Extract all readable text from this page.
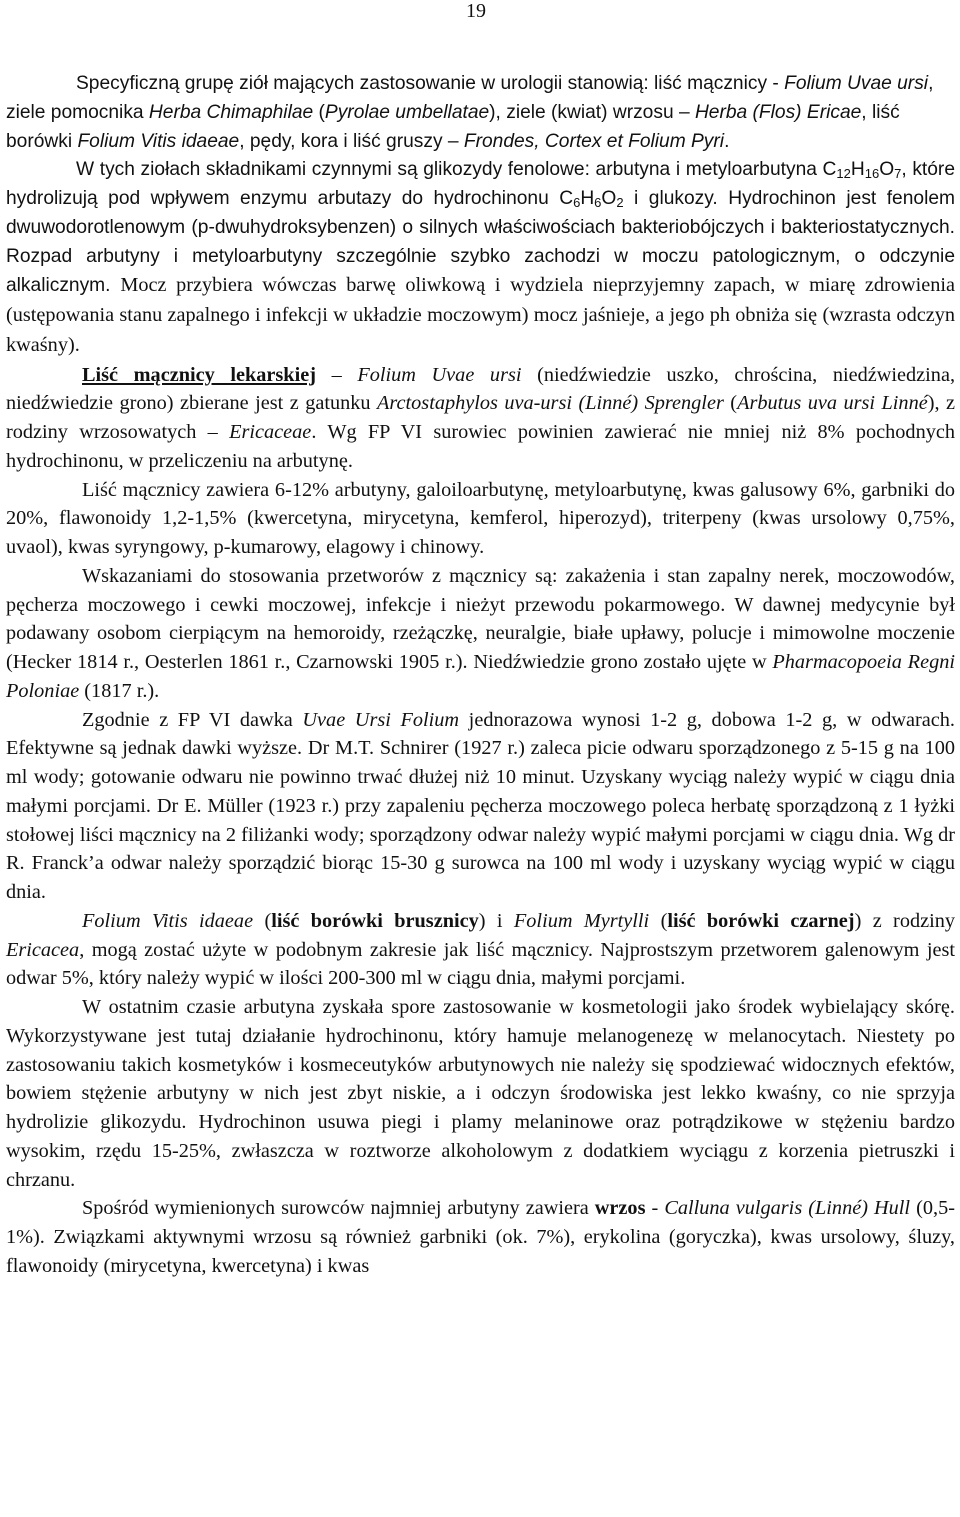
19

Specyficzną grupę ziół mających zastosowanie w urologii stanowią: liść mącznicy - Folium Uvae ursi, ziele pomocnika Herba Chimaphilae (Pyrolae umbellatae), ziele (kwiat) wrzosu – Herba (Flos) Ericae, liść borówki Folium Vitis idaeae, pędy, kora i liść gruszy – Frondes, Cortex et Folium Pyri.

W tych ziołach składnikami czynnymi są glikozydy fenolowe: arbutyna i metyloarbutyna $C_{12}H_{16}O_7$, które hydrolizują pod wpływem enzymu arbutazy do hydrochinonu $C_6H_6O_2$ i glukozy. Hydrochinon jest fenolem dwuwodorotlenowym (p-dwuhydroksybenzen) o silnych właściwościach bakteriobójczych i bakteriostatycznych. Rozpad arbutyny i metyloarbutyny szczególnie szybko zachodzi w moczu patologicznym, o odczynie alkalicznym. Mocz przybiera wówczas barwę oliwkową i wydziela nieprzyjemny zapach, w miarę zdrowienia (ustępowania stanu zapalnego i infekcji w układzie moczowym) mocz jaśnieje, a jego ph obniża się (wzrasta odczyn kwaśny).

Liść mącznicy lekarskiej – Folium Uvae ursi (niedźwiedzie uszko, chrościna, niedźwiedzina, niedźwiedzie grono) zbierane jest z gatunku Arctostaphylos uva-ursi (Linné) Sprengler (Arbutus uva ursi Linné), z rodziny wrzosowatych – Ericaceae. Wg FP VI surowiec powinien zawierać nie mniej niż 8% pochodnych hydrochinonu, w przeliczeniu na arbutynę.

Liść mącznicy zawiera 6-12% arbutyny, galoiloarbutynę, metyloarbutynę, kwas galusowy 6%, garbniki do 20%, flawonoidy 1,2-1,5% (kwercetyna, mirycetyna, kemferol, hiperozyd), triterpeny (kwas ursolowy 0,75%, uvaol), kwas syryngowy, p-kumarowy, elagowy i chinowy.

Wskazaniami do stosowania przetworów z mącznicy są: zakażenia i stan zapalny nerek, moczowodów, pęcherza moczowego i cewki moczowej, infekcje i nieżyt przewodu pokarmowego. W dawnej medycynie był podawany osobom cierpiącym na hemoroidy, rzeżączkę, neuralgie, białe upławy, polucje i mimowolne moczenie (Hecker 1814 r., Oesterlen 1861 r., Czarnowski 1905 r.). Niedźwiedzie grono zostało ujęte w Pharmacopoeia Regni Poloniae (1817 r.).

Zgodnie z FP VI dawka Uvae Ursi Folium jednorazowa wynosi 1-2 g, dobowa 1-2 g, w odwarach. Efektywne są jednak dawki wyższe. Dr M.T. Schnirer (1927 r.) zaleca picie odwaru sporządzonego z 5-15 g na 100 ml wody; gotowanie odwaru nie powinno trwać dłużej niż 10 minut. Uzyskany wyciąg należy wypić w ciągu dnia małymi porcjami. Dr E. Müller (1923 r.) przy zapaleniu pęcherza moczowego poleca herbatę sporządzoną z 1 łyżki stołowej liści mącznicy na 2 filiżanki wody; sporządzony odwar należy wypić małymi porcjami w ciągu dnia. Wg dr R. Franck’a odwar należy sporządzić biorąc 15-30 g surowca na 100 ml wody i uzyskany wyciąg wypić w ciągu dnia.

Folium Vitis idaeae (liść borówki brusznicy) i Folium Myrtylli (liść borówki czarnej) z rodziny Ericacea, mogą zostać użyte w podobnym zakresie jak liść mącznicy. Najprostszym przetworem galenowym jest odwar 5%, który należy wypić w ilości 200-300 ml w ciągu dnia, małymi porcjami.

W ostatnim czasie arbutyna zyskała spore zastosowanie w kosmetologii jako środek wybielający skórę. Wykorzystywane jest tutaj działanie hydrochinonu, który hamuje melanogenezę w melanocytach. Niestety po zastosowaniu takich kosmetyków i kosmeceutyków arbutynowych nie należy się spodziewać widocznych efektów, bowiem stężenie arbutyny w nich jest zbyt niskie, a i odczyn środowiska jest lekko kwaśny, co nie sprzyja hydrolizie glikozydu. Hydrochinon usuwa piegi i plamy melaninowe oraz potrądzikowe w stężeniu bardzo wysokim, rzędu 15-25%, zwłaszcza w roztworze alkoholowym z dodatkiem wyciągu z korzenia pietruszki i chrzanu.

Spośród wymienionych surowców najmniej arbutyny zawiera wrzos - Calluna vulgaris (Linné) Hull (0,5-1%). Związkami aktywnymi wrzosu są również garbniki (ok. 7%), erykolina (goryczka), kwas ursolowy, śluzy, flawonoidy (mirycetyna, kwercetyna) i kwas
